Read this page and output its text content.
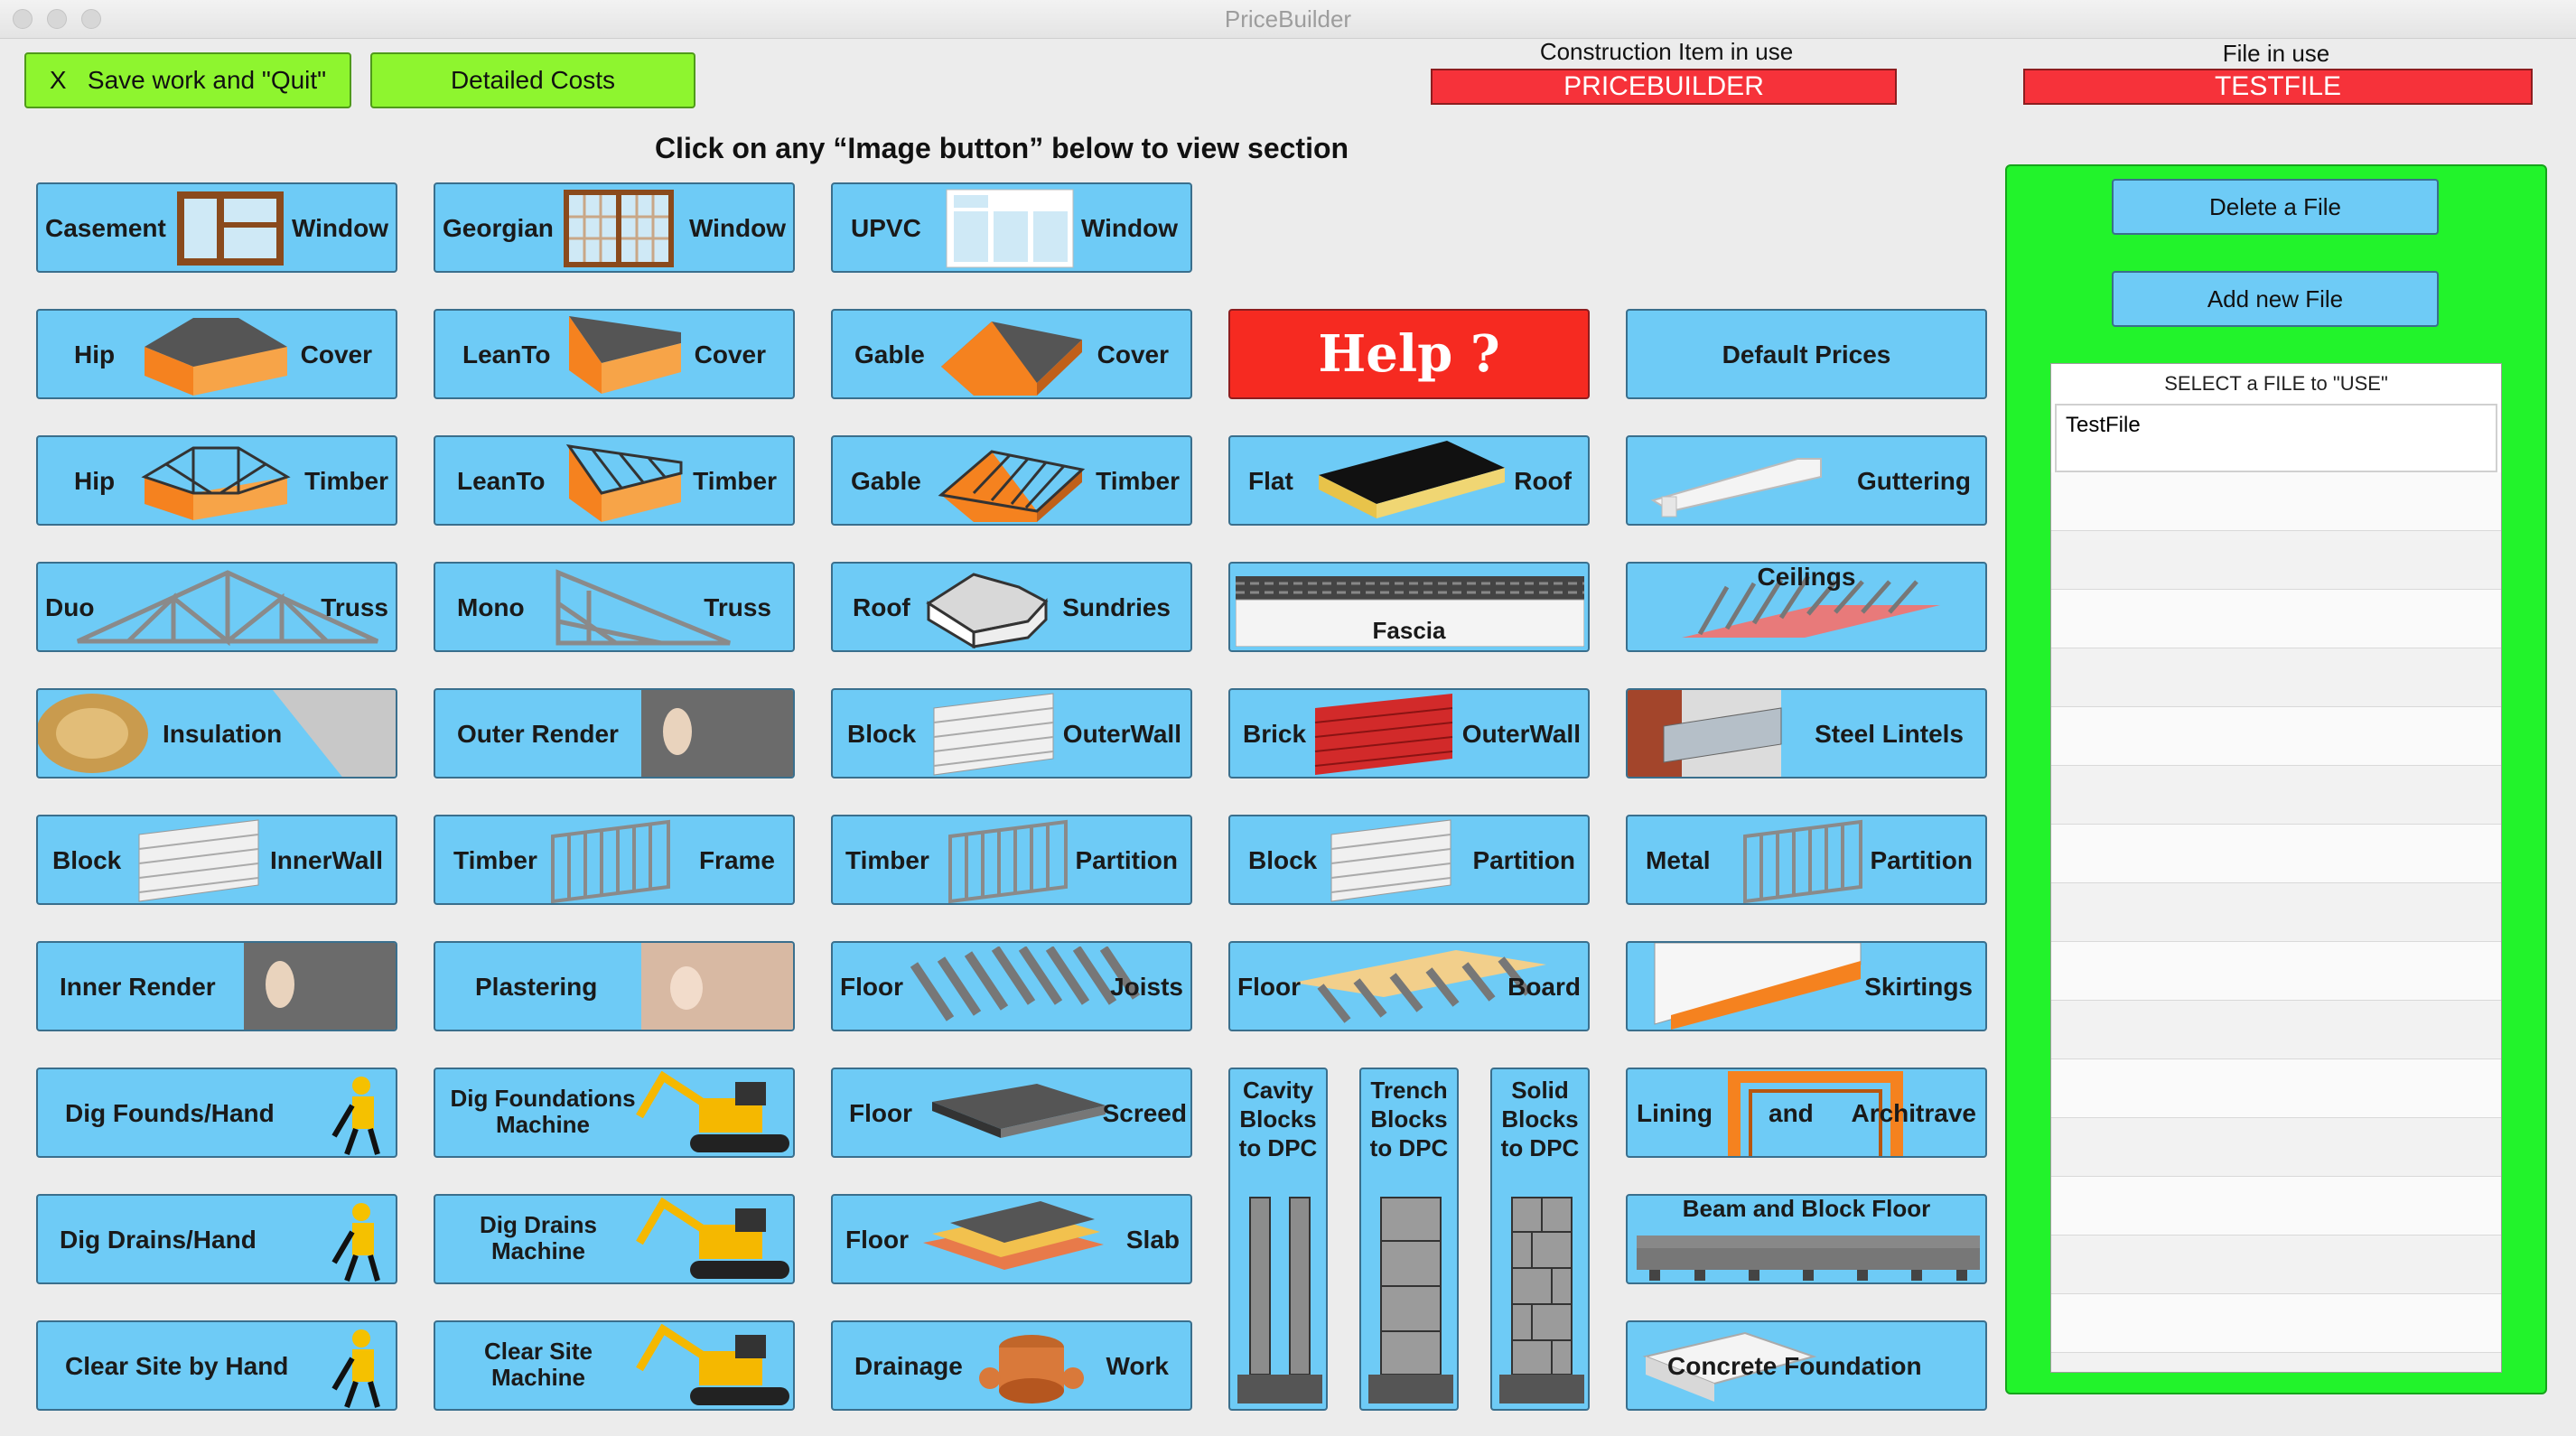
PriceBuilder
X   Save work and "Quit"	Detailed Costs
Construction Item in use
PRICEBUILDER
File in use
TESTFILE
Click on any “Image button” below to view section
Casement	Window Georgian	Window	UPVC	Window
Hip	Cover	LeanTo	Cover	Gable	Cover	Help ?	Default Prices
Hip	Timber	LeanTo	Timber	Gable	Timber	Flat	Roof	Guttering
Duo	Truss	Mono	Truss	Roof	Sundries
Fascia
Ceilings
Insulation	Outer Render	Block	OuterWall Brick	OuterWall	Steel Lintels
Block	InnerWall	Timber	Frame	Timber	Partition	Block	Partition	Metal	Partition
Inner Render	Plastering	Floor	Joists Floor	Board	Skirtings
Dig Founds/Hand
Dig Foundations Machine	Floor	Screed
Cavity Blocks to DPC
Trench Blocks to DPC
Solid Blocks to DPC
Lining and Architrave
Dig Drains/Hand
Dig Drains Machine	Floor	Slab
Beam and Block Floor
Clear Site by Hand
Clear Site Machine	Drainage	Work	Concrete Foundation
Delete a File
Add new File
SELECT a FILE to "USE"
TestFile
